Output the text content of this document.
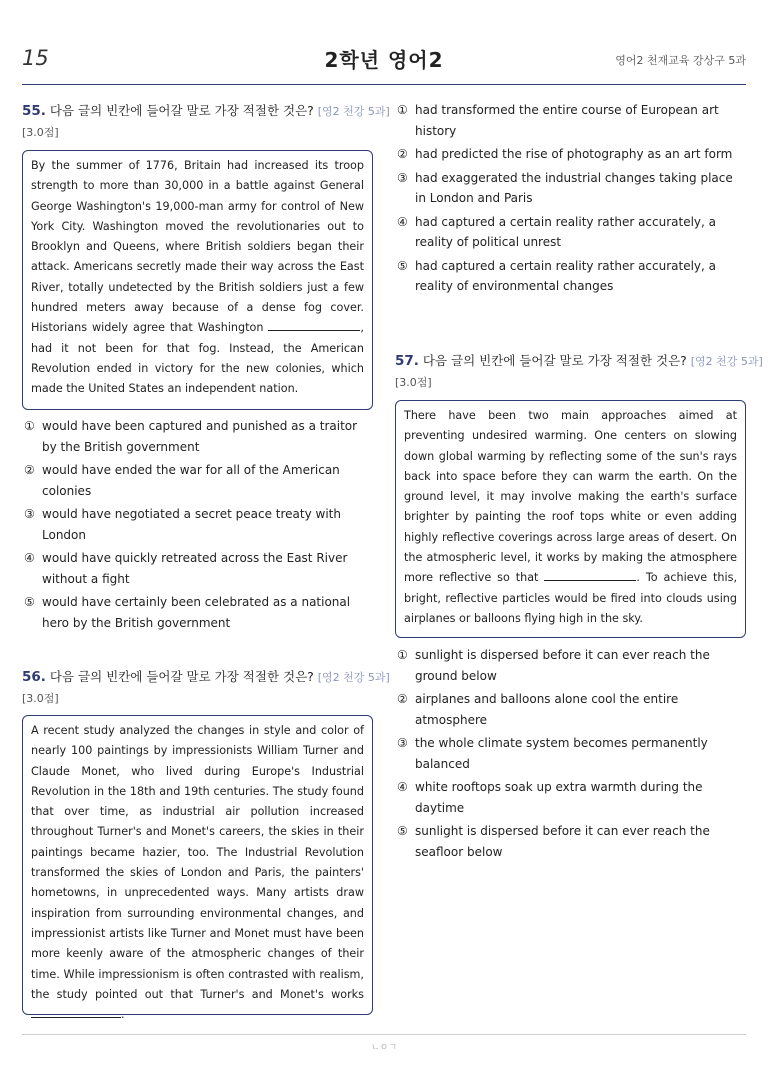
15	2학년 영어2	영어2 천재교육 강상구 5과
55. 다음 글의 빈칸에 들어갈 말로 가장 적절한 것은? [영2 천강 5과]
[3.0점]
By the summer of 1776, Britain had increased its troop strength to more than 30,000 in a battle against General George Washington's 19,000-man army for control of New York City. Washington moved the revolutionaries out to Brooklyn and Queens, where British soldiers began their attack. Americans secretly made their way across the East River, totally undetected by the British soldiers just a few hundred meters away because of a dense fog cover. Historians widely agree that Washington	, had it not been for that fog. Instead, the American Revolution ended in victory for the new colonies, which made the United States an independent nation.
① would have been captured and punished as a traitor by the British government
② would have ended the war for all of the American colonies
③ would have negotiated a secret peace treaty with London
④ would have quickly retreated across the East River without a fight
⑤ would have certainly been celebrated as a national hero by the British government
56. 다음 글의 빈칸에 들어갈 말로 가장 적절한 것은? [영2 천강 5과]
[3.0점]
A recent study analyzed the changes in style and color of nearly 100 paintings by impressionists William Turner and Claude Monet, who lived during Europe's Industrial Revolution in the 18th and 19th centuries. The study found that over time, as industrial air pollution increased throughout Turner's and Monet's careers, the skies in their paintings became hazier, too. The Industrial Revolution transformed the skies of London and Paris, the painters' hometowns, in unprecedented ways. Many artists draw inspiration from surrounding environmental changes, and impressionist artists like Turner and Monet must have been more keenly aware of the atmospheric changes of their time. While impressionism is often contrasted with realism, the study pointed out that Turner's and Monet's works .
① had transformed the entire course of European art history
② had predicted the rise of photography as an art form
③ had exaggerated the industrial changes taking place in London and Paris
④ had captured a certain reality rather accurately, a reality of political unrest
⑤ had captured a certain reality rather accurately, a reality of environmental changes
57. 다음 글의 빈칸에 들어갈 말로 가장 적절한 것은? [영2 천강 5과]
[3.0점]
There have been two main approaches aimed at preventing undesired warming. One centers on slowing down global warming by reflecting some of the sun's rays back into space before they can warm the earth. On the ground level, it may involve making the earth's surface brighter by painting the roof tops white or even adding highly reflective coverings across large areas of desert. On the atmospheric level, it works by making the atmosphere more reflective so that	. To achieve this, bright, reflective particles would be fired into clouds using airplanes or balloons flying high in the sky.
① sunlight is dispersed before it can ever reach the ground below
② airplanes and balloons alone cool the entire atmosphere
③ the whole climate system becomes permanently balanced
④ white rooftops soak up extra warmth during the daytime
⑤ sunlight is dispersed before it can ever reach the seafloor below
ㄴㅇㄱ
